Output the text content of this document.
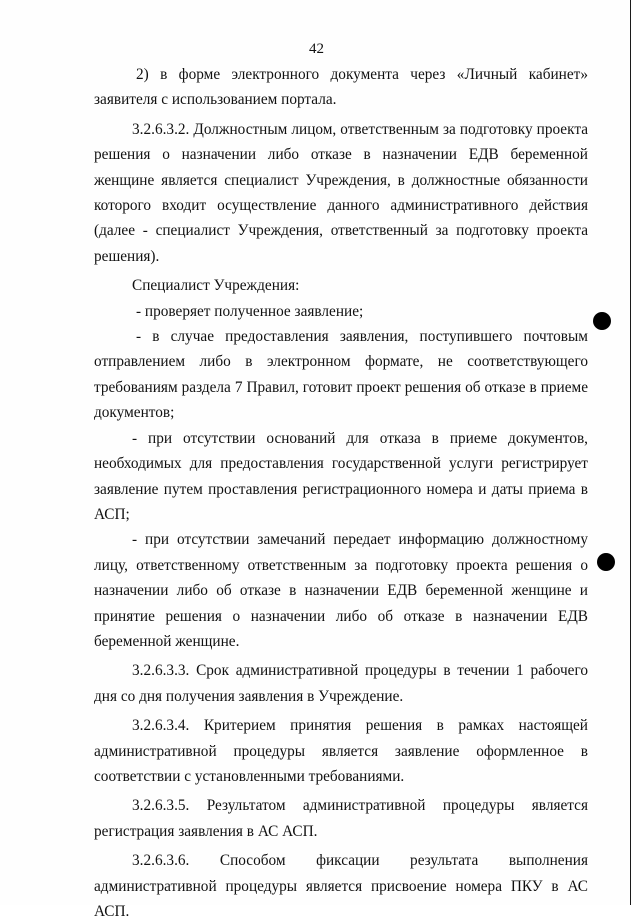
42

2) в форме электронного документа через «Личный кабинет» заявителя с использованием портала.

3.2.6.3.2. Должностным лицом, ответственным за подготовку проекта решения о назначении либо отказе в назначении ЕДВ беременной женщине является специалист Учреждения, в должностные обязанности которого входит осуществление данного административного действия (далее - специалист Учреждения, ответственный за подготовку проекта решения).

Специалист Учреждения:

- проверяет полученное заявление;

- в случае предоставления заявления, поступившего почтовым отправлением либо в электронном формате, не соответствующего требованиям раздела 7 Правил, готовит проект решения об отказе в приеме документов;

- при отсутствии оснований для отказа в приеме документов, необходимых для предоставления государственной услуги регистрирует заявление путем проставления регистрационного номера и даты приема в АСП;

- при отсутствии замечаний передает информацию должностному лицу, ответственному ответственным за подготовку проекта решения о назначении либо об отказе в назначении ЕДВ беременной женщине и принятие решения о назначении либо об отказе в назначении ЕДВ беременной женщине.

3.2.6.3.3. Срок административной процедуры в течении 1 рабочего дня со дня получения заявления в Учреждение.

3.2.6.3.4. Критерием принятия решения в рамках настоящей административной процедуры является заявление оформленное в соответствии с установленными требованиями.

3.2.6.3.5. Результатом административной процедуры является регистрация заявления в АС АСП.

3.2.6.3.6. Способом фиксации результата выполнения административной процедуры является присвоение номера ПКУ в АС АСП.
